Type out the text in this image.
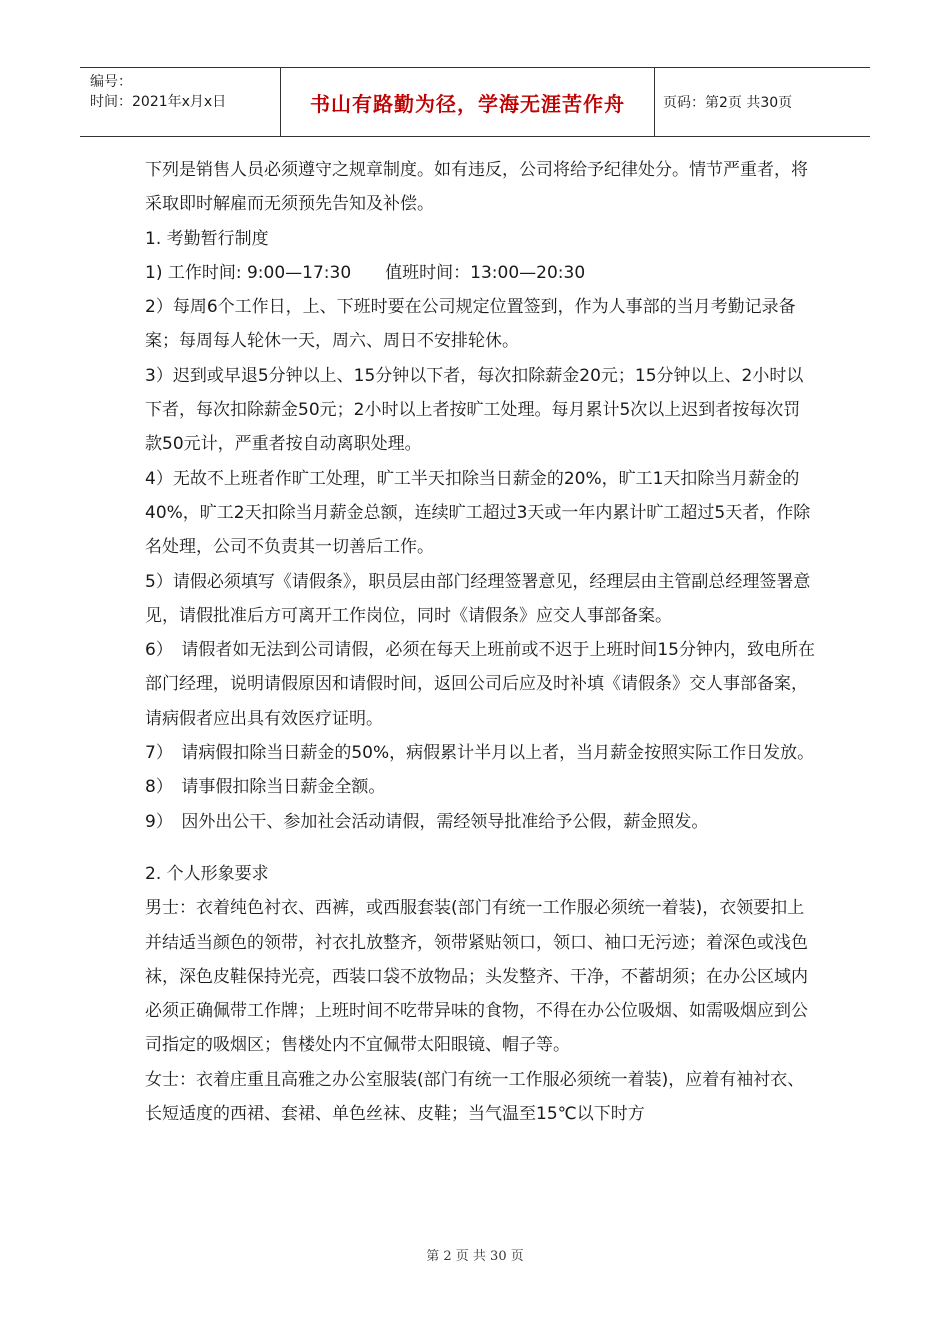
编号：
时间：2021年x月x日	书山有路勤为径，学海无涯苦作舟	页码：第2页 共30页

下列是销售人员必须遵守之规章制度。如有违反，公司将给予纪律处分。情节严重者，将采取即时解雇而无须预先告知及补偿。

1. 考勤暂行制度

1) 工作时间: 9:00—17:30　　值班时间：13:00—20:30

2）每周6个工作日，上、下班时要在公司规定位置签到，作为人事部的当月考勤记录备案；每周每人轮休一天，周六、周日不安排轮休。

3）迟到或早退5分钟以上、15分钟以下者，每次扣除薪金20元；15分钟以上、2小时以下者，每次扣除薪金50元；2小时以上者按旷工处理。每月累计5次以上迟到者按每次罚款50元计，严重者按自动离职处理。

4）无故不上班者作旷工处理，旷工半天扣除当日薪金的20%，旷工1天扣除当月薪金的40%，旷工2天扣除当月薪金总额，连续旷工超过3天或一年内累计旷工超过5天者，作除名处理，公司不负责其一切善后工作。

5）请假必须填写《请假条》，职员层由部门经理签署意见，经理层由主管副总经理签署意见，请假批准后方可离开工作岗位，同时《请假条》应交人事部备案。

6）　请假者如无法到公司请假，必须在每天上班前或不迟于上班时间15分钟内，致电所在部门经理，说明请假原因和请假时间，返回公司后应及时补填《请假条》交人事部备案，请病假者应出具有效医疗证明。

7）　请病假扣除当日薪金的50%，病假累计半月以上者，当月薪金按照实际工作日发放。

8）　请事假扣除当日薪金全额。

9）　因外出公干、参加社会活动请假，需经领导批准给予公假，薪金照发。

2. 个人形象要求

男士：衣着纯色衬衣、西裤，或西服套装(部门有统一工作服必须统一着装)，衣领要扣上并结适当颜色的领带，衬衣扎放整齐，领带紧贴领口，领口、袖口无污迹；着深色或浅色袜，深色皮鞋保持光亮，西装口袋不放物品；头发整齐、干净，不蓄胡须；在办公区域内必须正确佩带工作牌；上班时间不吃带异味的食物，不得在办公位吸烟、如需吸烟应到公司指定的吸烟区；售楼处内不宜佩带太阳眼镜、帽子等。

女士：衣着庄重且高雅之办公室服装(部门有统一工作服必须统一着装)，应着有袖衬衣、长短适度的西裙、套裙、单色丝袜、皮鞋；当气温至15℃以下时方

第 2 页 共 30 页
